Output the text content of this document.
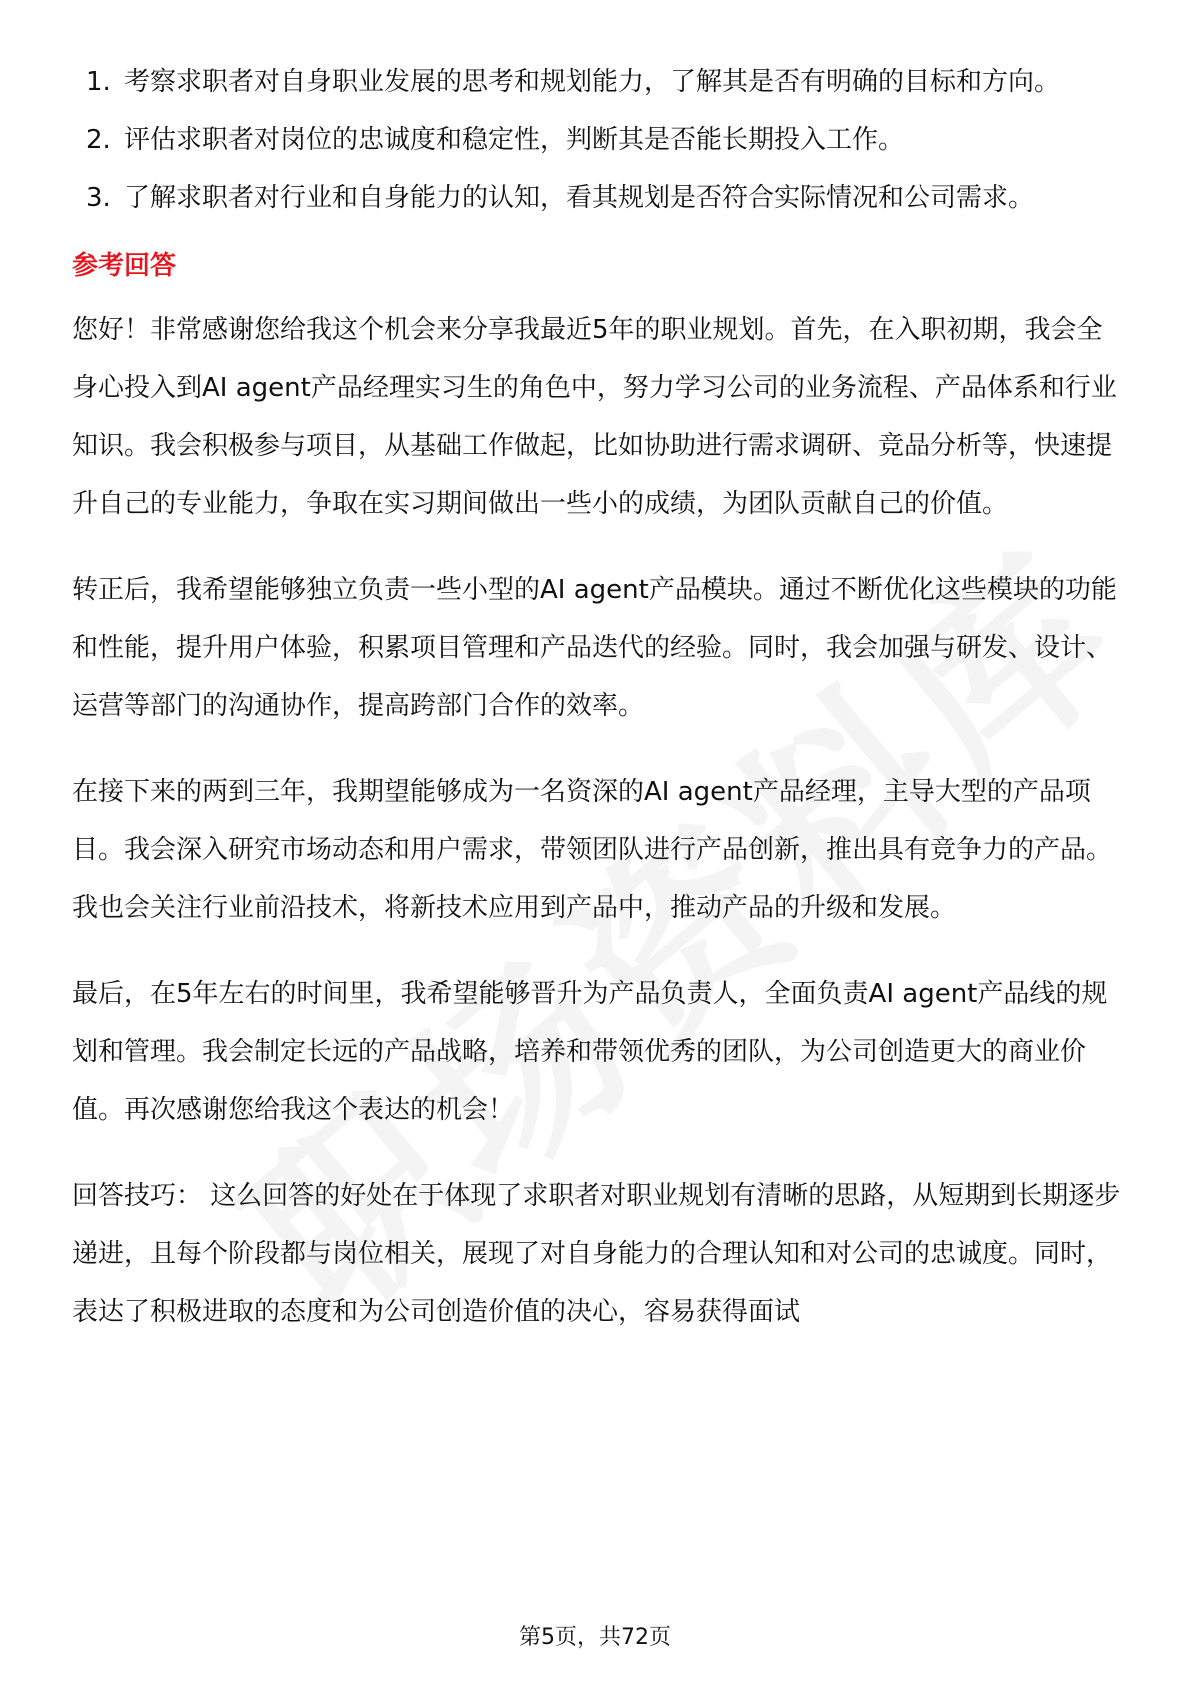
1. 考察求职者对自身职业发展的思考和规划能力，了解其是否有明确的目标和方向。
2. 评估求职者对岗位的忠诚度和稳定性，判断其是否能长期投入工作。
3. 了解求职者对行业和自身能力的认知，看其规划是否符合实际情况和公司需求。
参考回答

您好！非常感谢您给我这个机会来分享我最近5年的职业规划。首先，在入职初期，我会全身心投入到AI agent产品经理实习生的角色中，努力学习公司的业务流程、产品体系和行业知识。我会积极参与项目，从基础工作做起，比如协助进行需求调研、竞品分析等，快速提升自己的专业能力，争取在实习期间做出一些小的成绩，为团队贡献自己的价值。

转正后，我希望能够独立负责一些小型的AI agent产品模块。通过不断优化这些模块的功能和性能，提升用户体验，积累项目管理和产品迭代的经验。同时，我会加强与研发、设计、运营等部门的沟通协作，提高跨部门合作的效率。

在接下来的两到三年，我期望能够成为一名资深的AI agent产品经理，主导大型的产品项目。我会深入研究市场动态和用户需求，带领团队进行产品创新，推出具有竞争力的产品。我也会关注行业前沿技术，将新技术应用到产品中，推动产品的升级和发展。

最后，在5年左右的时间里，我希望能够晋升为产品负责人，全面负责AI agent产品线的规划和管理。我会制定长远的产品战略，培养和带领优秀的团队，为公司创造更大的商业价值。再次感谢您给我这个表达的机会！

回答技巧： 这么回答的好处在于体现了求职者对职业规划有清晰的思路，从短期到长期逐步递进，且每个阶段都与岗位相关，展现了对自身能力的合理认知和对公司的忠诚度。同时，表达了积极进取的态度和为公司创造价值的决心，容易获得面试

第5页，共72页
